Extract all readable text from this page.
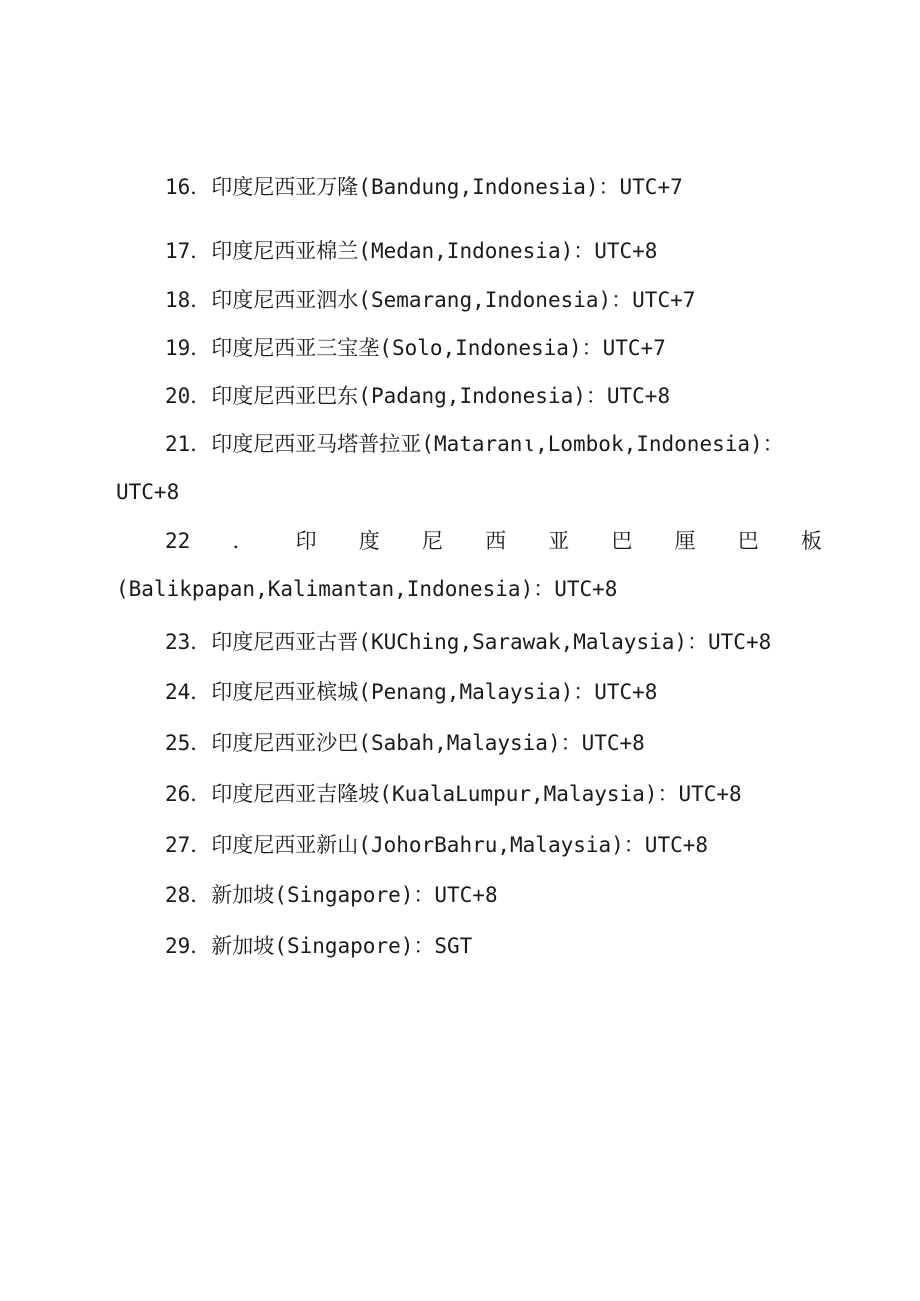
16．印度尼西亚万隆(Bandung,Indonesia)：UTC+7
17．印度尼西亚棉兰(Medan,Indonesia)：UTC+8
18．印度尼西亚泗水(Semarang,Indonesia)：UTC+7
19．印度尼西亚三宝垄(Solo,Indonesia)：UTC+7
20．印度尼西亚巴东(Padang,Indonesia)：UTC+8
21．印度尼西亚马塔普拉亚(Mataranι,Lombok,Indonesia)：
UTC+8
22 ． 印 度 尼 西 亚 巴 厘 巴 板
(Balikpapan,Kalimantan,Indonesia)：UTC+8
23．印度尼西亚古晋(KUChing,Sarawak,Malaysia)：UTC+8
24．印度尼西亚槟城(Penang,Malaysia)：UTC+8
25．印度尼西亚沙巴(Sabah,Malaysia)：UTC+8
26．印度尼西亚吉隆坡(KualaLumpur,Malaysia)：UTC+8
27．印度尼西亚新山(JohorBahru,Malaysia)：UTC+8
28．新加坡(Singapore)：UTC+8
29．新加坡(Singapore)：SGT
